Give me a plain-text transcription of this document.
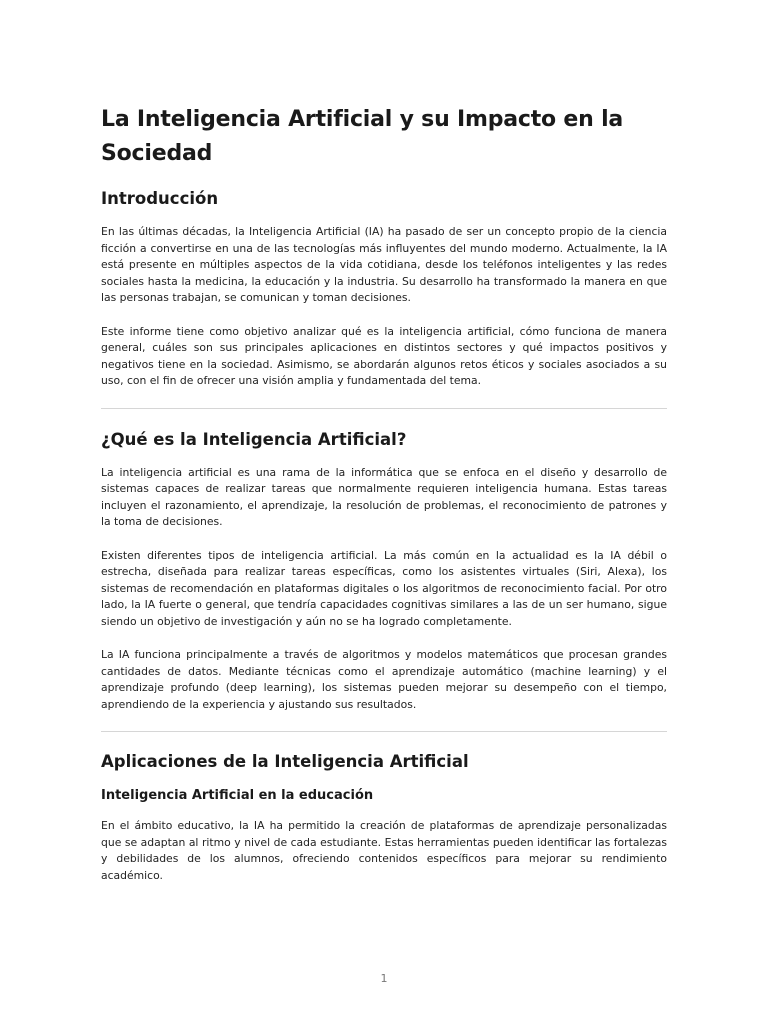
La Inteligencia Artificial y su Impacto en la Sociedad
Introducción

En las últimas décadas, la Inteligencia Artificial (IA) ha pasado de ser un concepto propio de la ciencia ficción a convertirse en una de las tecnologías más influyentes del mundo moderno. Actualmente, la IA está presente en múltiples aspectos de la vida cotidiana, desde los teléfonos inteligentes y las redes sociales hasta la medicina, la educación y la industria. Su desarrollo ha transformado la manera en que las personas trabajan, se comunican y toman decisiones.

Este informe tiene como objetivo analizar qué es la inteligencia artificial, cómo funciona de manera general, cuáles son sus principales aplicaciones en distintos sectores y qué impactos positivos y negativos tiene en la sociedad. Asimismo, se abordarán algunos retos éticos y sociales asociados a su uso, con el fin de ofrecer una visión amplia y fundamentada del tema.

¿Qué es la Inteligencia Artificial?

La inteligencia artificial es una rama de la informática que se enfoca en el diseño y desarrollo de sistemas capaces de realizar tareas que normalmente requieren inteligencia humana. Estas tareas incluyen el razonamiento, el aprendizaje, la resolución de problemas, el reconocimiento de patrones y la toma de decisiones.

Existen diferentes tipos de inteligencia artificial. La más común en la actualidad es la IA débil o estrecha, diseñada para realizar tareas específicas, como los asistentes virtuales (Siri, Alexa), los sistemas de recomendación en plataformas digitales o los algoritmos de reconocimiento facial. Por otro lado, la IA fuerte o general, que tendría capacidades cognitivas similares a las de un ser humano, sigue siendo un objetivo de investigación y aún no se ha logrado completamente.

La IA funciona principalmente a través de algoritmos y modelos matemáticos que procesan grandes cantidades de datos. Mediante técnicas como el aprendizaje automático (machine learning) y el aprendizaje profundo (deep learning), los sistemas pueden mejorar su desempeño con el tiempo, aprendiendo de la experiencia y ajustando sus resultados.

Aplicaciones de la Inteligencia Artificial
Inteligencia Artificial en la educación

En el ámbito educativo, la IA ha permitido la creación de plataformas de aprendizaje personalizadas que se adaptan al ritmo y nivel de cada estudiante. Estas herramientas pueden identificar las fortalezas y debilidades de los alumnos, ofreciendo contenidos específicos para mejorar su rendimiento académico.

1
